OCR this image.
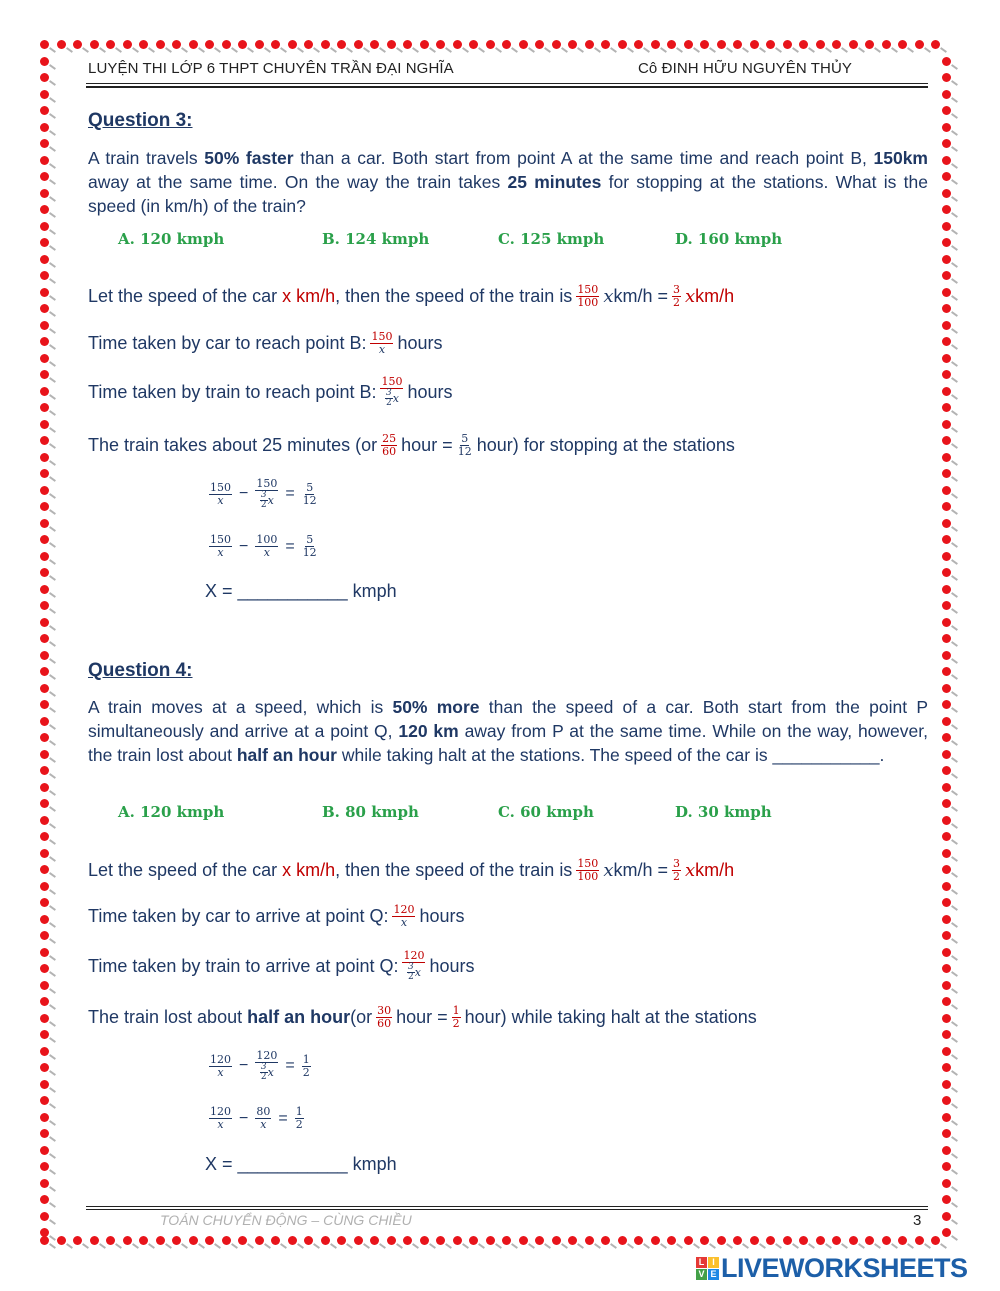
LUYỆN THI LỚP 6 THPT CHUYÊN TRẦN ĐẠI NGHĨA	Cô ĐINH HỮU NGUYÊN THỦY
Question 3:
A train travels 50% faster than a car. Both start from point A at the same time and reach point B, 150km away at the same time. On the way the train takes 25 minutes for stopping at the stations. What is the speed (in km/h) of the train?
A. 120 kmph	B. 124 kmph	C. 125 kmph	D. 160 kmph
Let the speed of the car x km/h , then the speed of the train is $\frac{150}{100}$ x $km/h = \frac{3}{2}$ x km/h
Time taken by car to reach point B: $\frac{150}{x}$ hours
Time taken by train to reach point B: $\frac{150}{\frac{3}{2} x}$ hours
The train takes about 25 minutes ($or \frac{25}{60}$ hour = $\frac{5}{12}$ hour) for stopping at the stations
$\frac{150}{x} - \frac{150}{\frac{3}{2} x} = \frac{5}{12}$
$\frac{150}{x} - \frac{100}{x} = \frac{5}{12}$
X = ___________ kmph
Question 4:
A train moves at a speed, which is 50% more than the speed of a car. Both start from the point P simultaneously and arrive at a point Q, 120 km away from P at the same time. While on the way, however, the train lost about half an hour while taking halt at the stations. The speed of the car is ___________.
A. 120 kmph	B. 80 kmph	C. 60 kmph	D. 30 kmph
Let the speed of the car x km/h , then the speed of the train is $\frac{150}{100}$ x $km/h = \frac{3}{2}$ x km/h
Time taken by car to arrive at point Q: $\frac{120}{x}$ hours
Time taken by train to arrive at point Q: $\frac{120}{\frac{3}{2} x}$ hours
The train lost about half an hour ($or \frac{30}{60}$ hour = $\frac{1}{2}$ hour) while taking halt at the stations
$\frac{120}{x} - \frac{120}{\frac{3}{2} x} = \frac{1}{2}$
$\frac{120}{x} - \frac{80}{x} = \frac{1}{2}$
X = ___________ kmph
TOÁN CHUYỂN ĐỘNG – CÙNG CHIỀU	3
L I
V E LIVEWORKSHEETS
